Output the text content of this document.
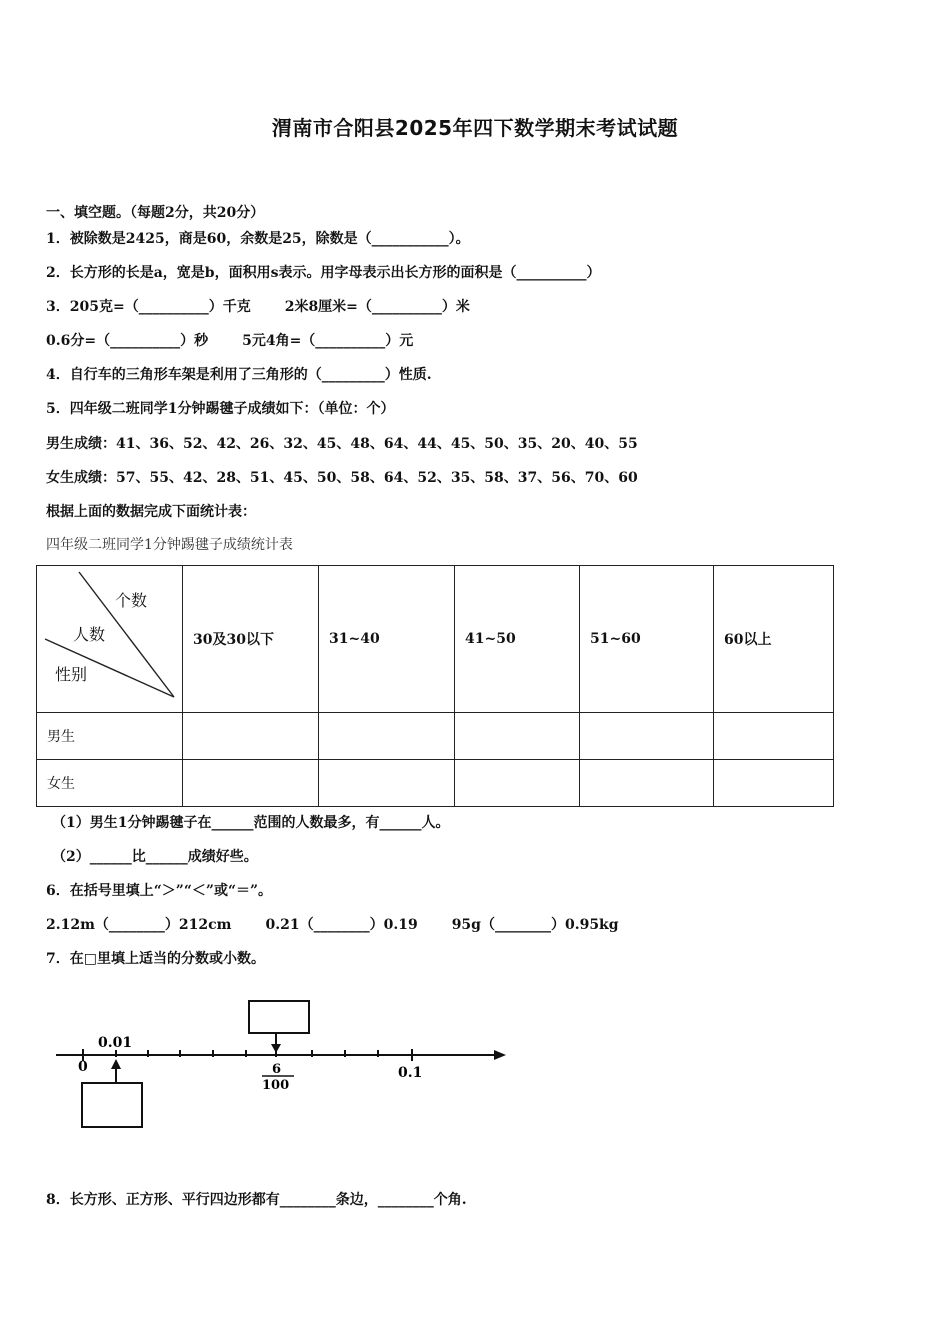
渭南市合阳县2025年四下数学期末考试试题
一、填空题。（每题2分，共20分）
1．被除数是2425，商是60，余数是25，除数是（___________）。
2．长方形的长是a，宽是b，面积用s表示。用字母表示出长方形的面积是（__________）
3．205克=（__________）千克 2米8厘米=（__________）米
0.6分=（__________）秒 5元4角=（__________）元
4．自行车的三角形车架是利用了三角形的（_________）性质.
5．四年级二班同学1分钟踢毽子成绩如下：（单位：个）
男生成绩：41、36、52、42、26、32、45、48、64、44、45、50、35、20、40、55
女生成绩：57、55、42、28、51、45、50、58、64、52、35、58、37、56、70、60
根据上面的数据完成下面统计表：
四年级二班同学1分钟踢毽子成绩统计表
个数
人数
性别	30及30以下	31~40	41~50	51~60	60以上
男生					
女生					
（1）男生1分钟踢毽子在______范围的人数最多，有______人。
（2）______比______成绩好些。
6．在括号里填上“＞”“＜”或“＝”。
2.12m（________）212cm 0.21（________）0.19 95g（________）0.95kg
7．在□里填上适当的分数或小数。
0.01
0	6
100
0.1
8．长方形、正方形、平行四边形都有________条边，________个角.
